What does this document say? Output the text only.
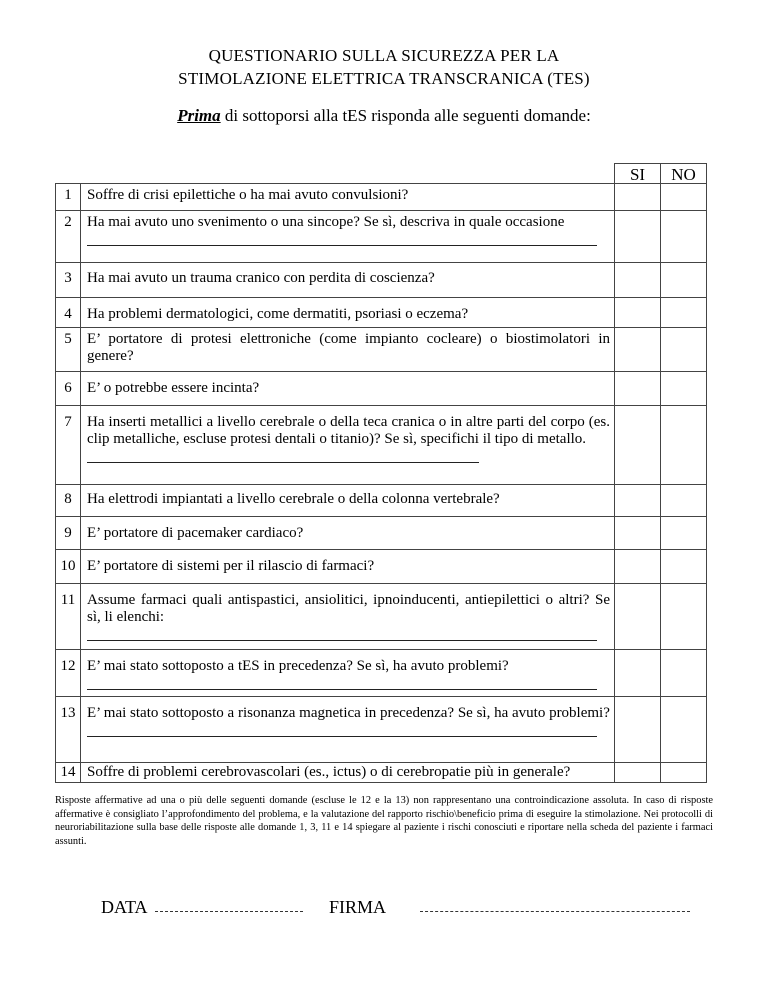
QUESTIONARIO SULLA SICUREZZA PER LA
STIMOLAZIONE ELETTRICA TRANSCRANICA (TES)
Prima di sottoporsi alla tES risponda alle seguenti domande:
		SI	NO
1	Soffre di crisi epilettiche o ha mai avuto convulsioni?		
2	Ha mai avuto uno svenimento o una sincope? Se sì, descriva in quale occasione

3	Ha mai avuto un trauma cranico con perdita di coscienza?		
4	Ha problemi dermatologici, come dermatiti, psoriasi o eczema?		
5	E’ portatore di protesi elettroniche (come impianto cocleare) o biostimolatori in genere?		
6	E’ o potrebbe essere incinta?		
7	Ha inserti metallici a livello cerebrale o della teca cranica o in altre parti del corpo (es. clip metalliche, escluse protesi dentali o titanio)? Se sì, specifichi il tipo di metallo.

8	Ha elettrodi impiantati a livello cerebrale o della colonna vertebrale?		
9	E’ portatore di pacemaker cardiaco?		
10	E’ portatore di sistemi per il rilascio di farmaci?		
11	Assume farmaci quali antispastici, ansiolitici, ipnoinducenti, antiepilettici o altri? Se sì, li elenchi:

12	E’ mai stato sottoposto a tES in precedenza? Se sì, ha avuto problemi?

13	E’ mai stato sottoposto a risonanza magnetica in precedenza? Se sì, ha avuto problemi?

14	Soffre di problemi cerebrovascolari (es., ictus) o di cerebropatie più in generale?		
Risposte affermative ad una o più delle seguenti domande (escluse le 12 e la 13) non rappresentano una controindicazione assoluta. In caso di risposte affermative è consigliato l’approfondimento del problema, e la valutazione del rapporto rischio\beneficio prima di eseguire la stimolazione. Nei protocolli di neuroriabilitazione sulla base delle risposte alle domande 1, 3, 11 e 14 spiegare al paziente i rischi conosciuti e riportare nella scheda del paziente i farmaci assunti.
DATA	FIRMA
